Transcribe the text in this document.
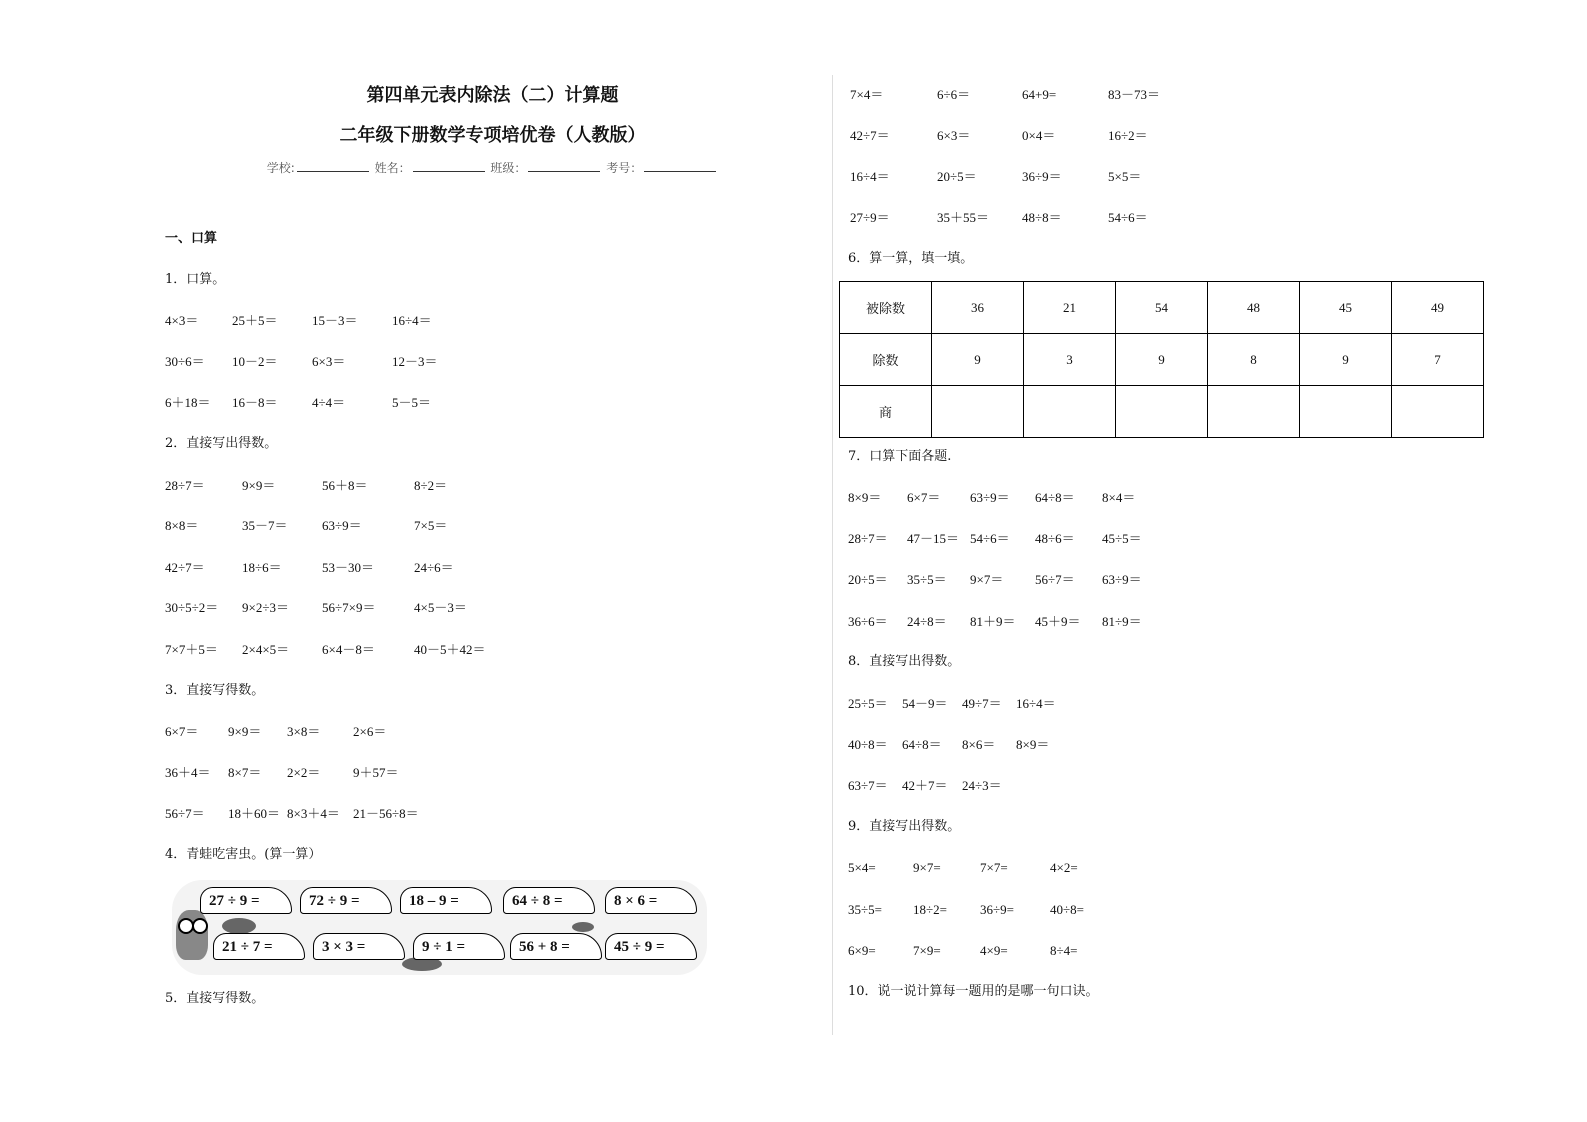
第四单元表内除法（二）计算题
二年级下册数学专项培优卷（人教版）
学校:	姓名：	班级：	考号：
一、口算
1．口算。
2．直接写出得数。
3．直接写得数。
4．青蛙吃害虫。(算一算）
5．直接写得数。
27 ÷ 9 =	72 ÷ 9 =	18 – 9 =	64 ÷ 8 =	8 × 6 =
21 ÷ 7 =	3 × 3 =	9 ÷ 1 =	56 + 8 =	45 ÷ 9 =
6．算一算，填一填。
被除数	36	21	54	48	45	49
除数	9	3	9	8	9	7
商						
7．口算下面各题.
8．直接写出得数。
9．直接写出得数。
10．说一说计算每一题用的是哪一句口诀。
4×3＝	25＋5＝	15－3＝	16÷4＝
30÷6＝	10－2＝	6×3＝	12－3＝
6＋18＝	16－8＝	4÷4＝	5－5＝
28÷7＝	9×9＝	56＋8＝	8÷2＝
8×8＝	35－7＝	63÷9＝	7×5＝
42÷7＝	18÷6＝	53－30＝	24÷6＝
30÷5÷2＝	9×2÷3＝	56÷7×9＝	4×5－3＝
7×7＋5＝	2×4×5＝	6×4－8＝	40－5＋42＝
6×7＝	9×9＝	3×8＝	2×6＝
36＋4＝	8×7＝	2×2＝	9＋57＝
56÷7＝	18＋60＝ 8×3＋4＝	21－56÷8＝
7×4＝	6÷6＝	64+9=	83－73＝
42÷7＝	6×3＝	0×4＝	16÷2＝
16÷4＝	20÷5＝	36÷9＝	5×5＝
27÷9＝	35＋55＝	48÷8＝	54÷6＝
8×9＝	6×7＝	63÷9＝	64÷8＝	8×4＝
28÷7＝	47－15＝ 54÷6＝	48÷6＝	45÷5＝
20÷5＝	35÷5＝	9×7＝	56÷7＝	63÷9＝
36÷6＝	24÷8＝	81＋9＝	45＋9＝	81÷9＝
25÷5＝	54－9＝	49÷7＝	16÷4＝
40÷8＝	64÷8＝	8×6＝	8×9＝
63÷7＝	42＋7＝	24÷3＝
5×4=	9×7=	7×7=	4×2=
35÷5=	18÷2=	36÷9=	40÷8=
6×9=	7×9=	4×9=	8÷4=
